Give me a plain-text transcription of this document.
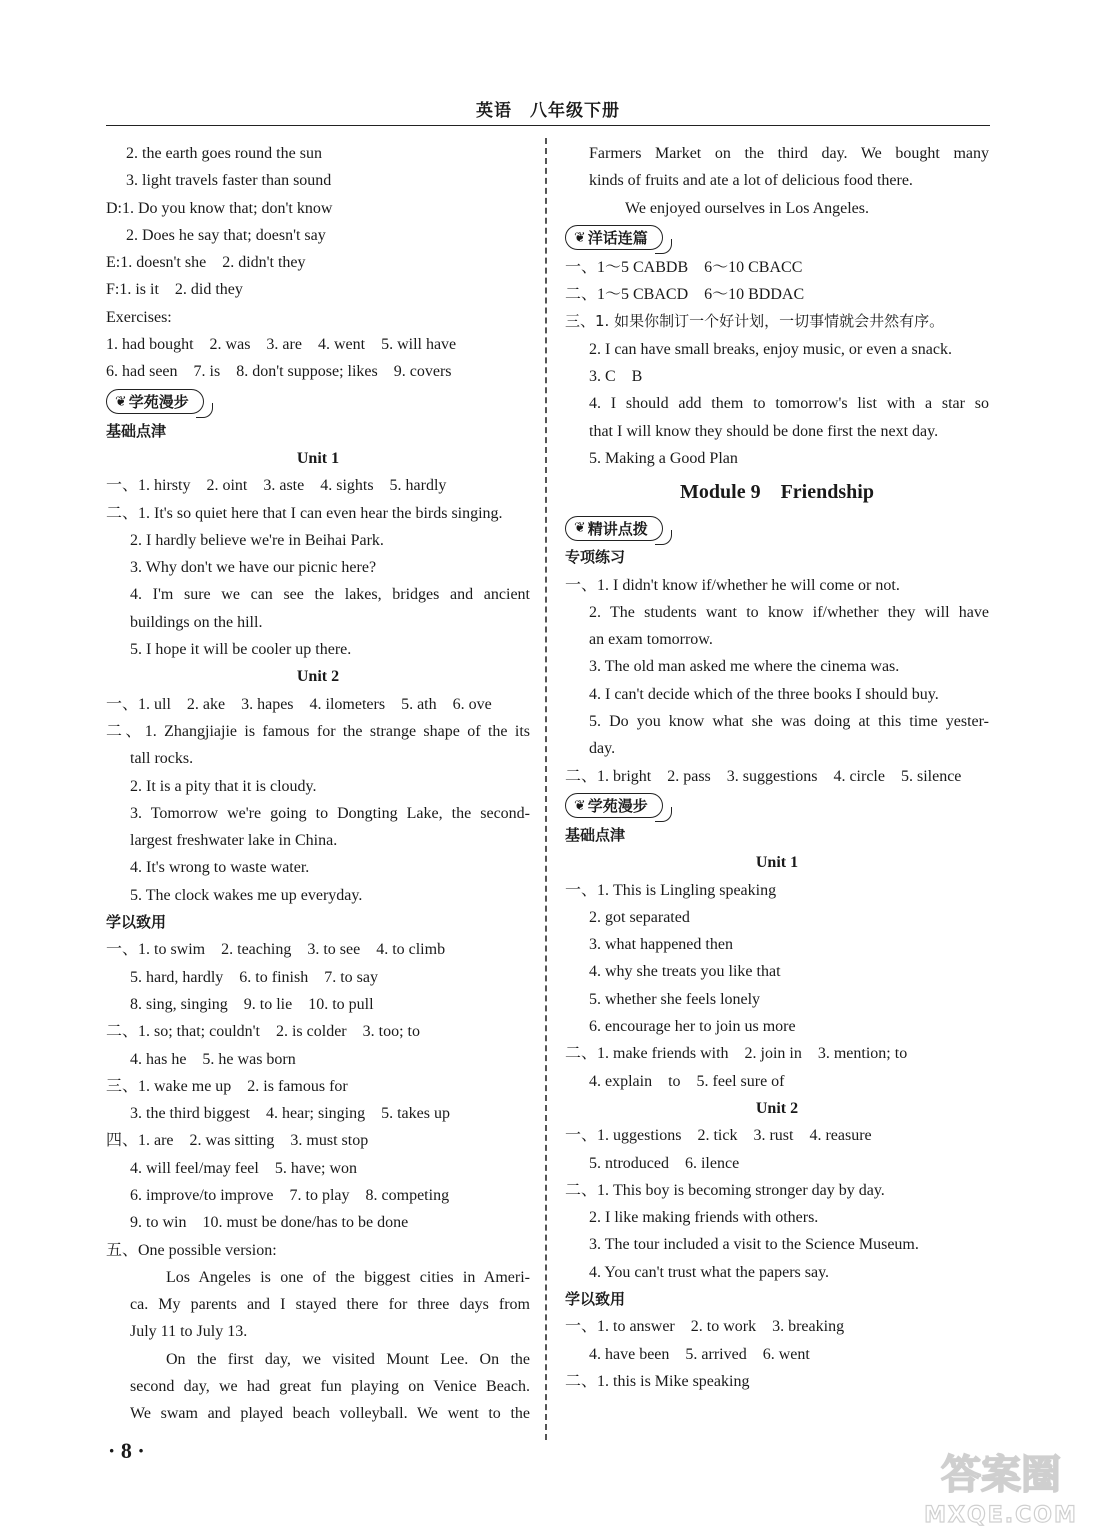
英语　八年级下册
2. the earth goes round the sun
3. light travels faster than sound
D:1. Do you know that; don't know
2. Does he say that; doesn't say
E:1. doesn't she　2. didn't they
F:1. is it　2. did they
Exercises:
1. had bought　2. was　3. are　4. went　5. will have
6. had seen　7. is　8. don't suppose; likes　9. covers
❦ 学苑漫步
基础点津
Unit 1
一、1. hirsty　2. oint　3. aste　4. sights　5. hardly
二、1. It's so quiet here that I can even hear the birds singing.
2. I hardly believe we're in Beihai Park.
3. Why don't we have our picnic here?
4. I'm sure we can see the lakes, bridges and ancient
buildings on the hill.
5. I hope it will be cooler up there.
Unit 2
一、1. ull　2. ake　3. hapes　4. ilometers　5. ath　6. ove
二、1. Zhangjiajie is famous for the strange shape of the its
tall rocks.
2. It is a pity that it is cloudy.
3. Tomorrow we're going to Dongting Lake, the second-
largest freshwater lake in China.
4. It's wrong to waste water.
5. The clock wakes me up everyday.
学以致用
一、1. to swim　2. teaching　3. to see　4. to climb
5. hard, hardly　6. to finish　7. to say
8. sing, singing　9. to lie　10. to pull
二、1. so; that; couldn't　2. is colder　3. too; to
4. has he　5. he was born
三、1. wake me up　2. is famous for
3. the third biggest　4. hear; singing　5. takes up
四、1. are　2. was sitting　3. must stop
4. will feel/may feel　5. have; won
6. improve/to improve　7. to play　8. competing
9. to win　10. must be done/has to be done
五、One possible version:
Los Angeles is one of the biggest cities in Ameri-
ca. My parents and I stayed there for three days from
July 11 to July 13.
On the first day, we visited Mount Lee. On the
second day, we had great fun playing on Venice Beach.
We swam and played beach volleyball. We went to the
Farmers Market on the third day. We bought many
kinds of fruits and ate a lot of delicious food there.
We enjoyed ourselves in Los Angeles.
❦ 洋话连篇
一、1～5 CABDB　6～10 CBACC
二、1～5 CBACD　6～10 BDDAC
三、1. 如果你制订一个好计划，一切事情就会井然有序。
2. I can have small breaks, enjoy music, or even a snack.
3. C　B
4. I should add them to tomorrow's list with a star so
that I will know they should be done first the next day.
5. Making a Good Plan
Module 9　Friendship
❦ 精讲点拨
专项练习
一、1. I didn't know if/whether he will come or not.
2. The students want to know if/whether they will have
an exam tomorrow.
3. The old man asked me where the cinema was.
4. I can't decide which of the three books I should buy.
5. Do you know what she was doing at this time yester-
day.
二、1. bright　2. pass　3. suggestions　4. circle　5. silence
❦ 学苑漫步
基础点津
Unit 1
一、1. This is Lingling speaking
2. got separated
3. what happened then
4. why she treats you like that
5. whether she feels lonely
6. encourage her to join us more
二、1. make friends with　2. join in　3. mention; to
4. explain　to　5. feel sure of
Unit 2
一、1. uggestions　2. tick　3. rust　4. reasure
5. ntroduced　6. ilence
二、1. This boy is becoming stronger day by day.
2. I like making friends with others.
3. The tour included a visit to the Science Museum.
4. You can't trust what the papers say.
学以致用
一、1. to answer　2. to work　3. breaking
4. have been　5. arrived　6. went
二、1. this is Mike speaking
· 8 ·
答案圈
MXQE.COM
